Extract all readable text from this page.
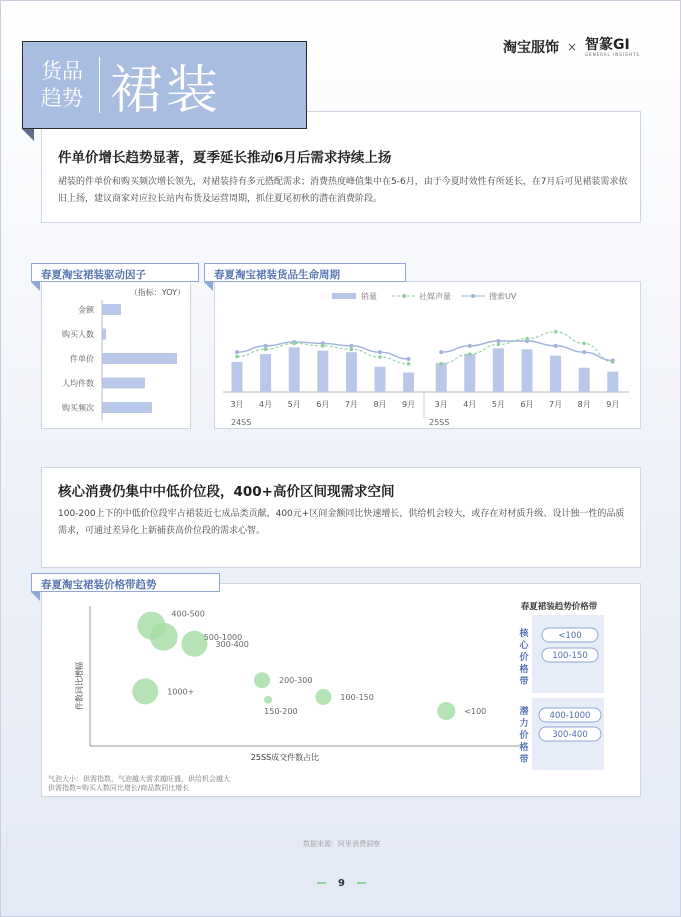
淘宝服饰 × 智篆GI
GENERAL INSIGHTS
件单价增长趋势显著，夏季延长推动6月后需求持续上扬

裙装的件单价和购买频次增长领先，对裙装持有多元搭配需求；消费热度峰值集中在5-6月，由于今夏时效性有所延长，在7月后可见裙装需求依旧上扬，建议商家对应拉长站内布货及运营周期，抓住夏尾初秋的潜在消费阶段。

货品
趋势 裙装
（指标：YOY）
金额
购买人数
件单价
人均件数
购买频次
春夏淘宝裙装驱动因子
24SS	25SS
销量	社媒声量	搜索UV
3月 4月 5月 6月 7月 8月 9月 3月 4月 5月 6月 7月 8月 9月
春夏淘宝裙装货品生命周期
核心消费仍集中中低价位段，400+高价区间现需求空间

100-200上下的中低价位段牢占裙装近七成品类贡献，400元+区间金额同比快速增长，供给机会较大，或存在对材质升级、设计独一性的品质需求，可通过差异化上新捕获高价位段的需求心智。

气泡大小：供需指数，气泡越大需求越旺盛，供给机会越大
供需指数=购买人数同比增长/商品数同比增长
春夏裙装趋势价格带
25SS成交件数占比
件数同比增幅
400-500
500-1000
300-400
1000+
200-300
150-200
100-150
<100
核
心
价
格
带
潜
力
价
格
带
<100
100-150
400-1000
300-400
春夏淘宝裙装价格带趋势
数据来源：阿里消费洞察
9
